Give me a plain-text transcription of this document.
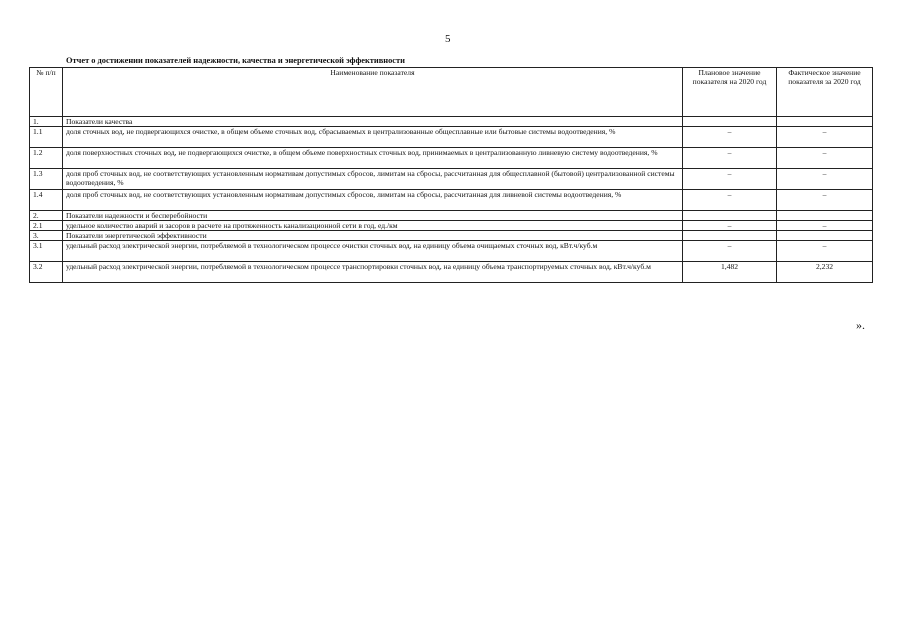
5
Отчет о достижении показателей надежности, качества и энергетической эффективности
№ п/п	Наименование показателя	Плановое значение показателя на 2020 год	Фактическое значение показателя за 2020 год
1.	Показатели качества		
1.1	доля сточных вод, не подвергающихся очистке, в общем объеме сточных вод, сбрасываемых в централизованные общесплавные или бытовые системы водоотведения, %	–	–
1.2	доля поверхностных сточных вод, не подвергающихся очистке, в общем объеме поверхностных сточных вод, принимаемых в централизованную ливневую систему водоотведения, %	–	–
1.3	доля проб сточных вод, не соответствующих установленным нормативам допустимых сбросов, лимитам на сбросы, рассчитанная для общесплавной (бытовой) централизованной системы водоотведения, %	–	–
1.4	доля проб сточных вод, не соответствующих установленным нормативам допустимых сбросов, лимитам на сбросы, рассчитанная для ливневой системы водоотведения, %	–	–
2.	Показатели надежности и бесперебойности		
2.1	удельное количество аварий и засоров в расчете на протяженность канализационной сети в год, ед./км	–	–
3.	Показатели энергетической эффективности		
3.1	удельный расход электрической энергии, потребляемой в технологическом процессе очистки сточных вод, на единицу объема очищаемых сточных вод, кВт.ч/куб.м	–	–
3.2	удельный расход электрической энергии, потребляемой в технологическом процессе транспортировки сточных вод, на единицу объема транспортируемых сточных вод, кВт.ч/куб.м	1,482	2,232
».
